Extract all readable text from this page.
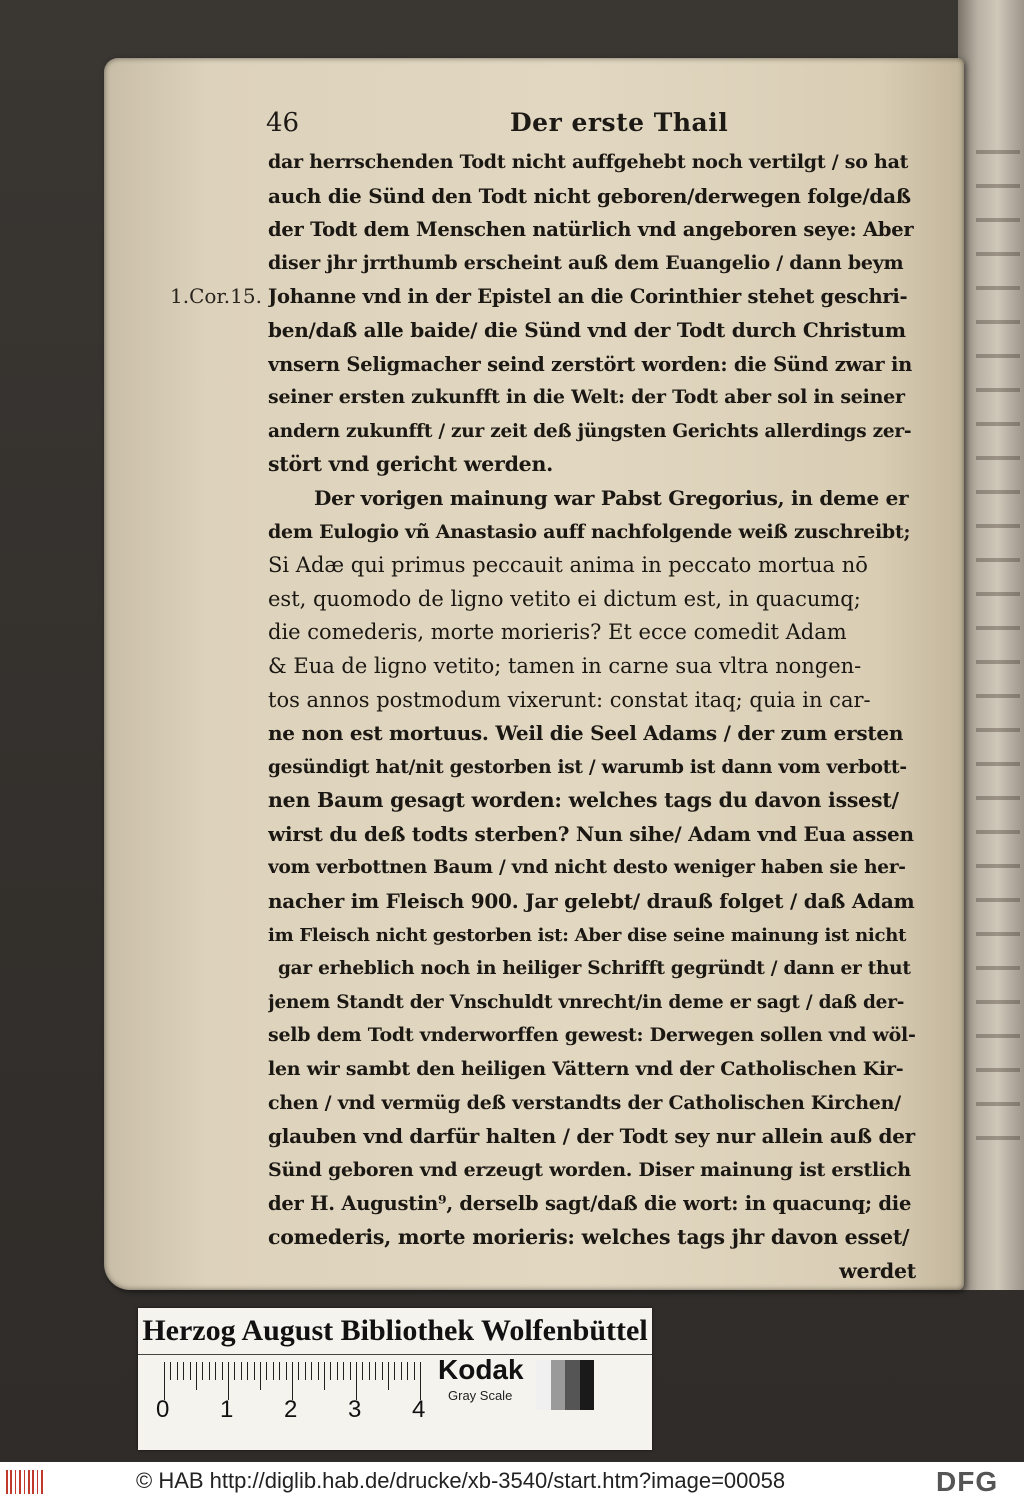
46	Der erste Thail
1.Cor.15.
dar herrschenden Todt nicht auffgehebt noch vertilgt / so hat
auch die Sünd den Todt nicht geboren/derwegen folge/daß
der Todt dem Menschen natürlich vnd angeboren seye: Aber
diser jhr jrrthumb erscheint auß dem Euangelio / dann beym
Johanne vnd in der Epistel an die Corinthier stehet geschri-
ben/daß alle baide/ die Sünd vnd der Todt durch Christum
vnsern Seligmacher seind zerstört worden: die Sünd zwar in
seiner ersten zukunfft in die Welt: der Todt aber sol in seiner
andern zukunfft / zur zeit deß jüngsten Gerichts allerdings zer-
stört vnd gericht werden.
Der vorigen mainung war Pabst Gregorius, in deme er
dem Eulogio vñ Anastasio auff nachfolgende weiß zuschreibt;
Si Adæ qui primus peccauit anima in peccato mortua nō
est, quomodo de ligno vetito ei dictum est, in quacumq;
die comederis, morte morieris? Et ecce comedit Adam
& Eua de ligno vetito; tamen in carne sua vltra nongen-
tos annos postmodum vixerunt: constat itaq; quia in car-
ne non est mortuus. Weil die Seel Adams / der zum ersten
gesündigt hat/nit gestorben ist / warumb ist dann vom verbott-
nen Baum gesagt worden: welches tags du davon issest/
wirst du deß todts sterben? Nun sihe/ Adam vnd Eua assen
vom verbottnen Baum / vnd nicht desto weniger haben sie her-
nacher im Fleisch 900. Jar gelebt/ drauß folget / daß Adam
im Fleisch nicht gestorben ist: Aber dise seine mainung ist nicht
gar erheblich noch in heiliger Schrifft gegründt / dann er thut
jenem Standt der Vnschuldt vnrecht/in deme er sagt / daß der-
selb dem Todt vnderworffen gewest: Derwegen sollen vnd wöl-
len wir sambt den heiligen Vättern vnd der Catholischen Kir-
chen / vnd vermüg deß verstandts der Catholischen Kirchen/
glauben vnd darfür halten / der Todt sey nur allein auß der
Sünd geboren vnd erzeugt worden. Diser mainung ist erstlich
der H. Augustin⁹, derselb sagt/daß die wort: in quacunq; die
comederis, morte morieris: welches tags jhr davon esset/
werdet
Herzog August Bibliothek Wolfenbüttel
0 1 2 3 4
Kodak
Gray Scale
© HAB http://diglib.hab.de/drucke/xb-3540/start.htm?image=00058	DFG
